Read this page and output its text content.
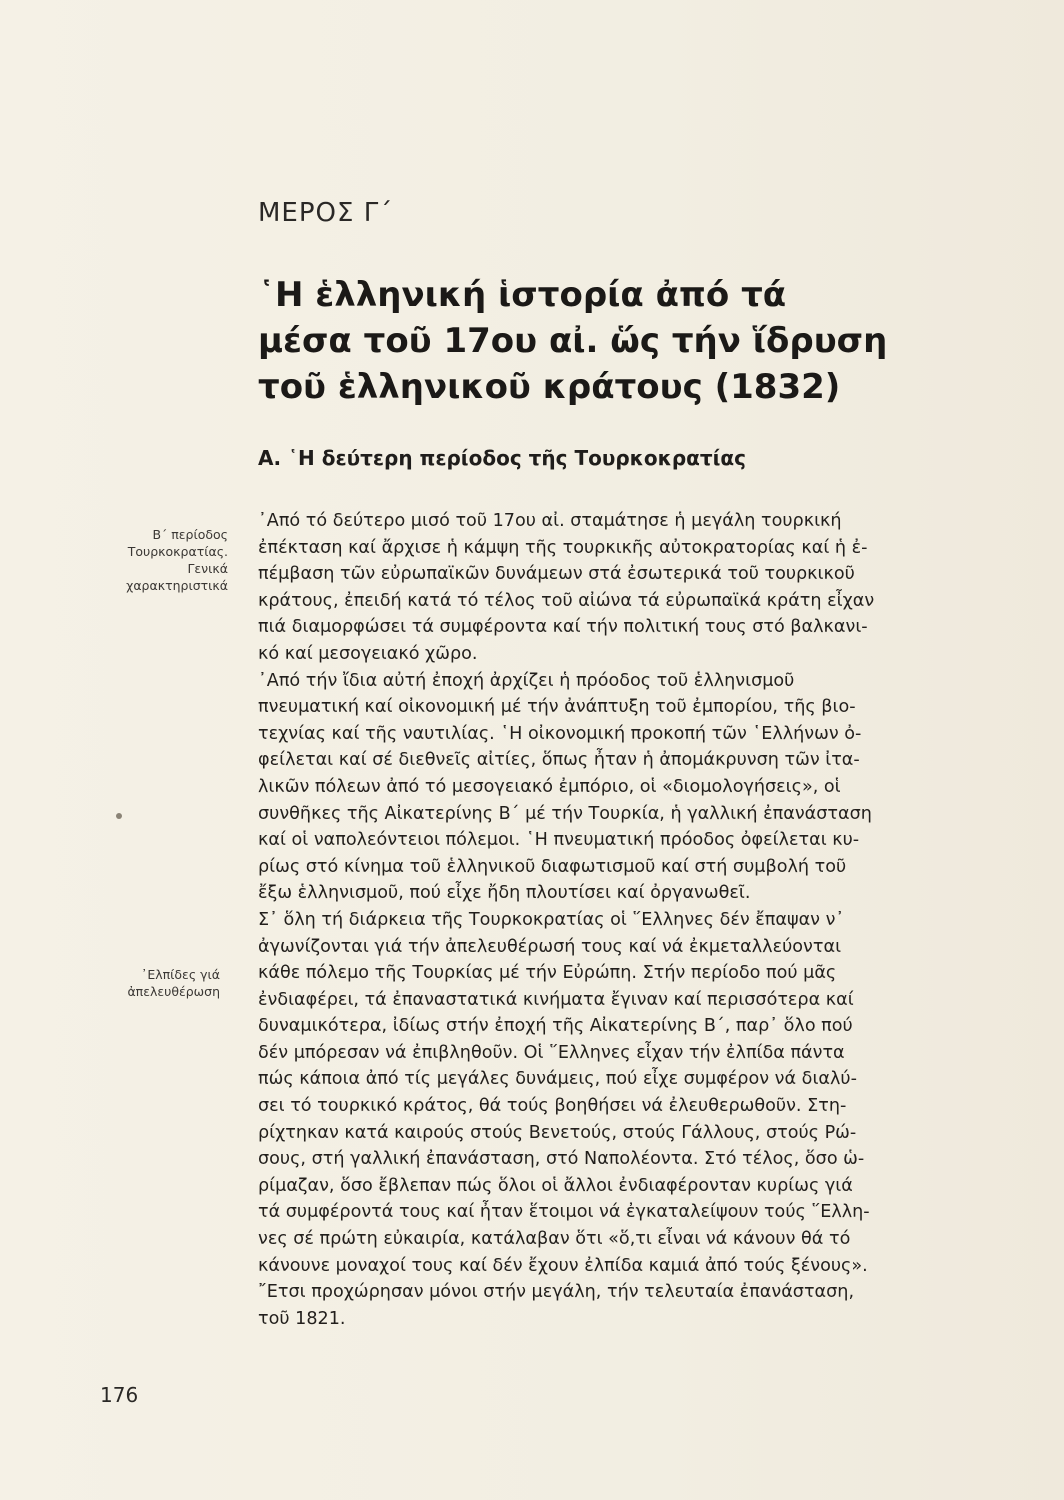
ΜΕΡΟΣ Γ΄
῾Η ἑλληνική ἱστορία ἀπό τά
μέσα τοῦ 17ου αἰ. ὥς τήν ἵδρυση
τοῦ ἑλληνικοῦ κράτους (1832)
Α. ῾Η δεύτερη περίοδος τῆς Τουρκοκρατίας
Β΄ περίοδος
Τουρκοκρατίας.
Γενικά
χαρακτηριστικά
᾿Ελπίδες γιά
ἀπελευθέρωση
᾿Από τό δεύτερο μισό τοῦ 17ου αἰ. σταμάτησε ἡ μεγάλη τουρκική
ἐπέκταση καί ἄρχισε ἡ κάμψη τῆς τουρκικῆς αὐτοκρατορίας καί ἡ ἐ-
πέμβαση τῶν εὐρωπαϊκῶν δυνάμεων στά ἐσωτερικά τοῦ τουρκικοῦ
κράτους, ἐπειδή κατά τό τέλος τοῦ αἰώνα τά εὐρωπαϊκά κράτη εἶχαν
πιά διαμορφώσει τά συμφέροντα καί τήν πολιτική τους στό βαλκανι-
κό καί μεσογειακό χῶρο.
᾿Από τήν ἴδια αὐτή ἐποχή ἀρχίζει ἡ πρόοδος τοῦ ἑλληνισμοῦ
πνευματική καί οἰκονομική μέ τήν ἀνάπτυξη τοῦ ἐμπορίου, τῆς βιο-
τεχνίας καί τῆς ναυτιλίας. ῾Η οἰκονομική προκοπή τῶν ῾Ελλήνων ὀ-
φείλεται καί σέ διεθνεῖς αἰτίες, ὅπως ἦταν ἡ ἀπομάκρυνση τῶν ἰτα-
λικῶν πόλεων ἀπό τό μεσογειακό ἐμπόριο, οἱ «διομολογήσεις», οἱ
συνθῆκες τῆς Αἰκατερίνης Β΄ μέ τήν Τουρκία, ἡ γαλλική ἐπανάσταση
καί οἱ ναπολεόντειοι πόλεμοι. ῾Η πνευματική πρόοδος ὀφείλεται κυ-
ρίως στό κίνημα τοῦ ἑλληνικοῦ διαφωτισμοῦ καί στή συμβολή τοῦ
ἔξω ἑλληνισμοῦ, πού εἶχε ἤδη πλουτίσει καί ὀργανωθεῖ.
Σ᾿ ὅλη τή διάρκεια τῆς Τουρκοκρατίας οἱ ῞Ελληνες δέν ἔπαψαν ν᾿
ἀγωνίζονται γιά τήν ἀπελευθέρωσή τους καί νά ἐκμεταλλεύονται
κάθε πόλεμο τῆς Τουρκίας μέ τήν Εὐρώπη. Στήν περίοδο πού μᾶς
ἐνδιαφέρει, τά ἐπαναστατικά κινήματα ἔγιναν καί περισσότερα καί
δυναμικότερα, ἰδίως στήν ἐποχή τῆς Αἰκατερίνης Β΄, παρ᾿ ὅλο πού
δέν μπόρεσαν νά ἐπιβληθοῦν. Οἱ ῞Ελληνες εἶχαν τήν ἐλπίδα πάντα
πώς κάποια ἀπό τίς μεγάλες δυνάμεις, πού εἶχε συμφέρον νά διαλύ-
σει τό τουρκικό κράτος, θά τούς βοηθήσει νά ἐλευθερωθοῦν. Στη-
ρίχτηκαν κατά καιρούς στούς Βενετούς, στούς Γάλλους, στούς Ρώ-
σους, στή γαλλική ἐπανάσταση, στό Ναπολέοντα. Στό τέλος, ὅσο ὡ-
ρίμαζαν, ὅσο ἔβλεπαν πώς ὅλοι οἱ ἄλλοι ἐνδιαφέρονταν κυρίως γιά
τά συμφέροντά τους καί ἦταν ἕτοιμοι νά ἐγκαταλείψουν τούς ῞Ελλη-
νες σέ πρώτη εὐκαιρία, κατάλαβαν ὅτι «ὅ,τι εἶναι νά κάνουν θά τό
κάνουνε μοναχοί τους καί δέν ἔχουν ἐλπίδα καμιά ἀπό τούς ξένους».
῎Ετσι προχώρησαν μόνοι στήν μεγάλη, τήν τελευταία ἐπανάσταση,
τοῦ 1821.
176
